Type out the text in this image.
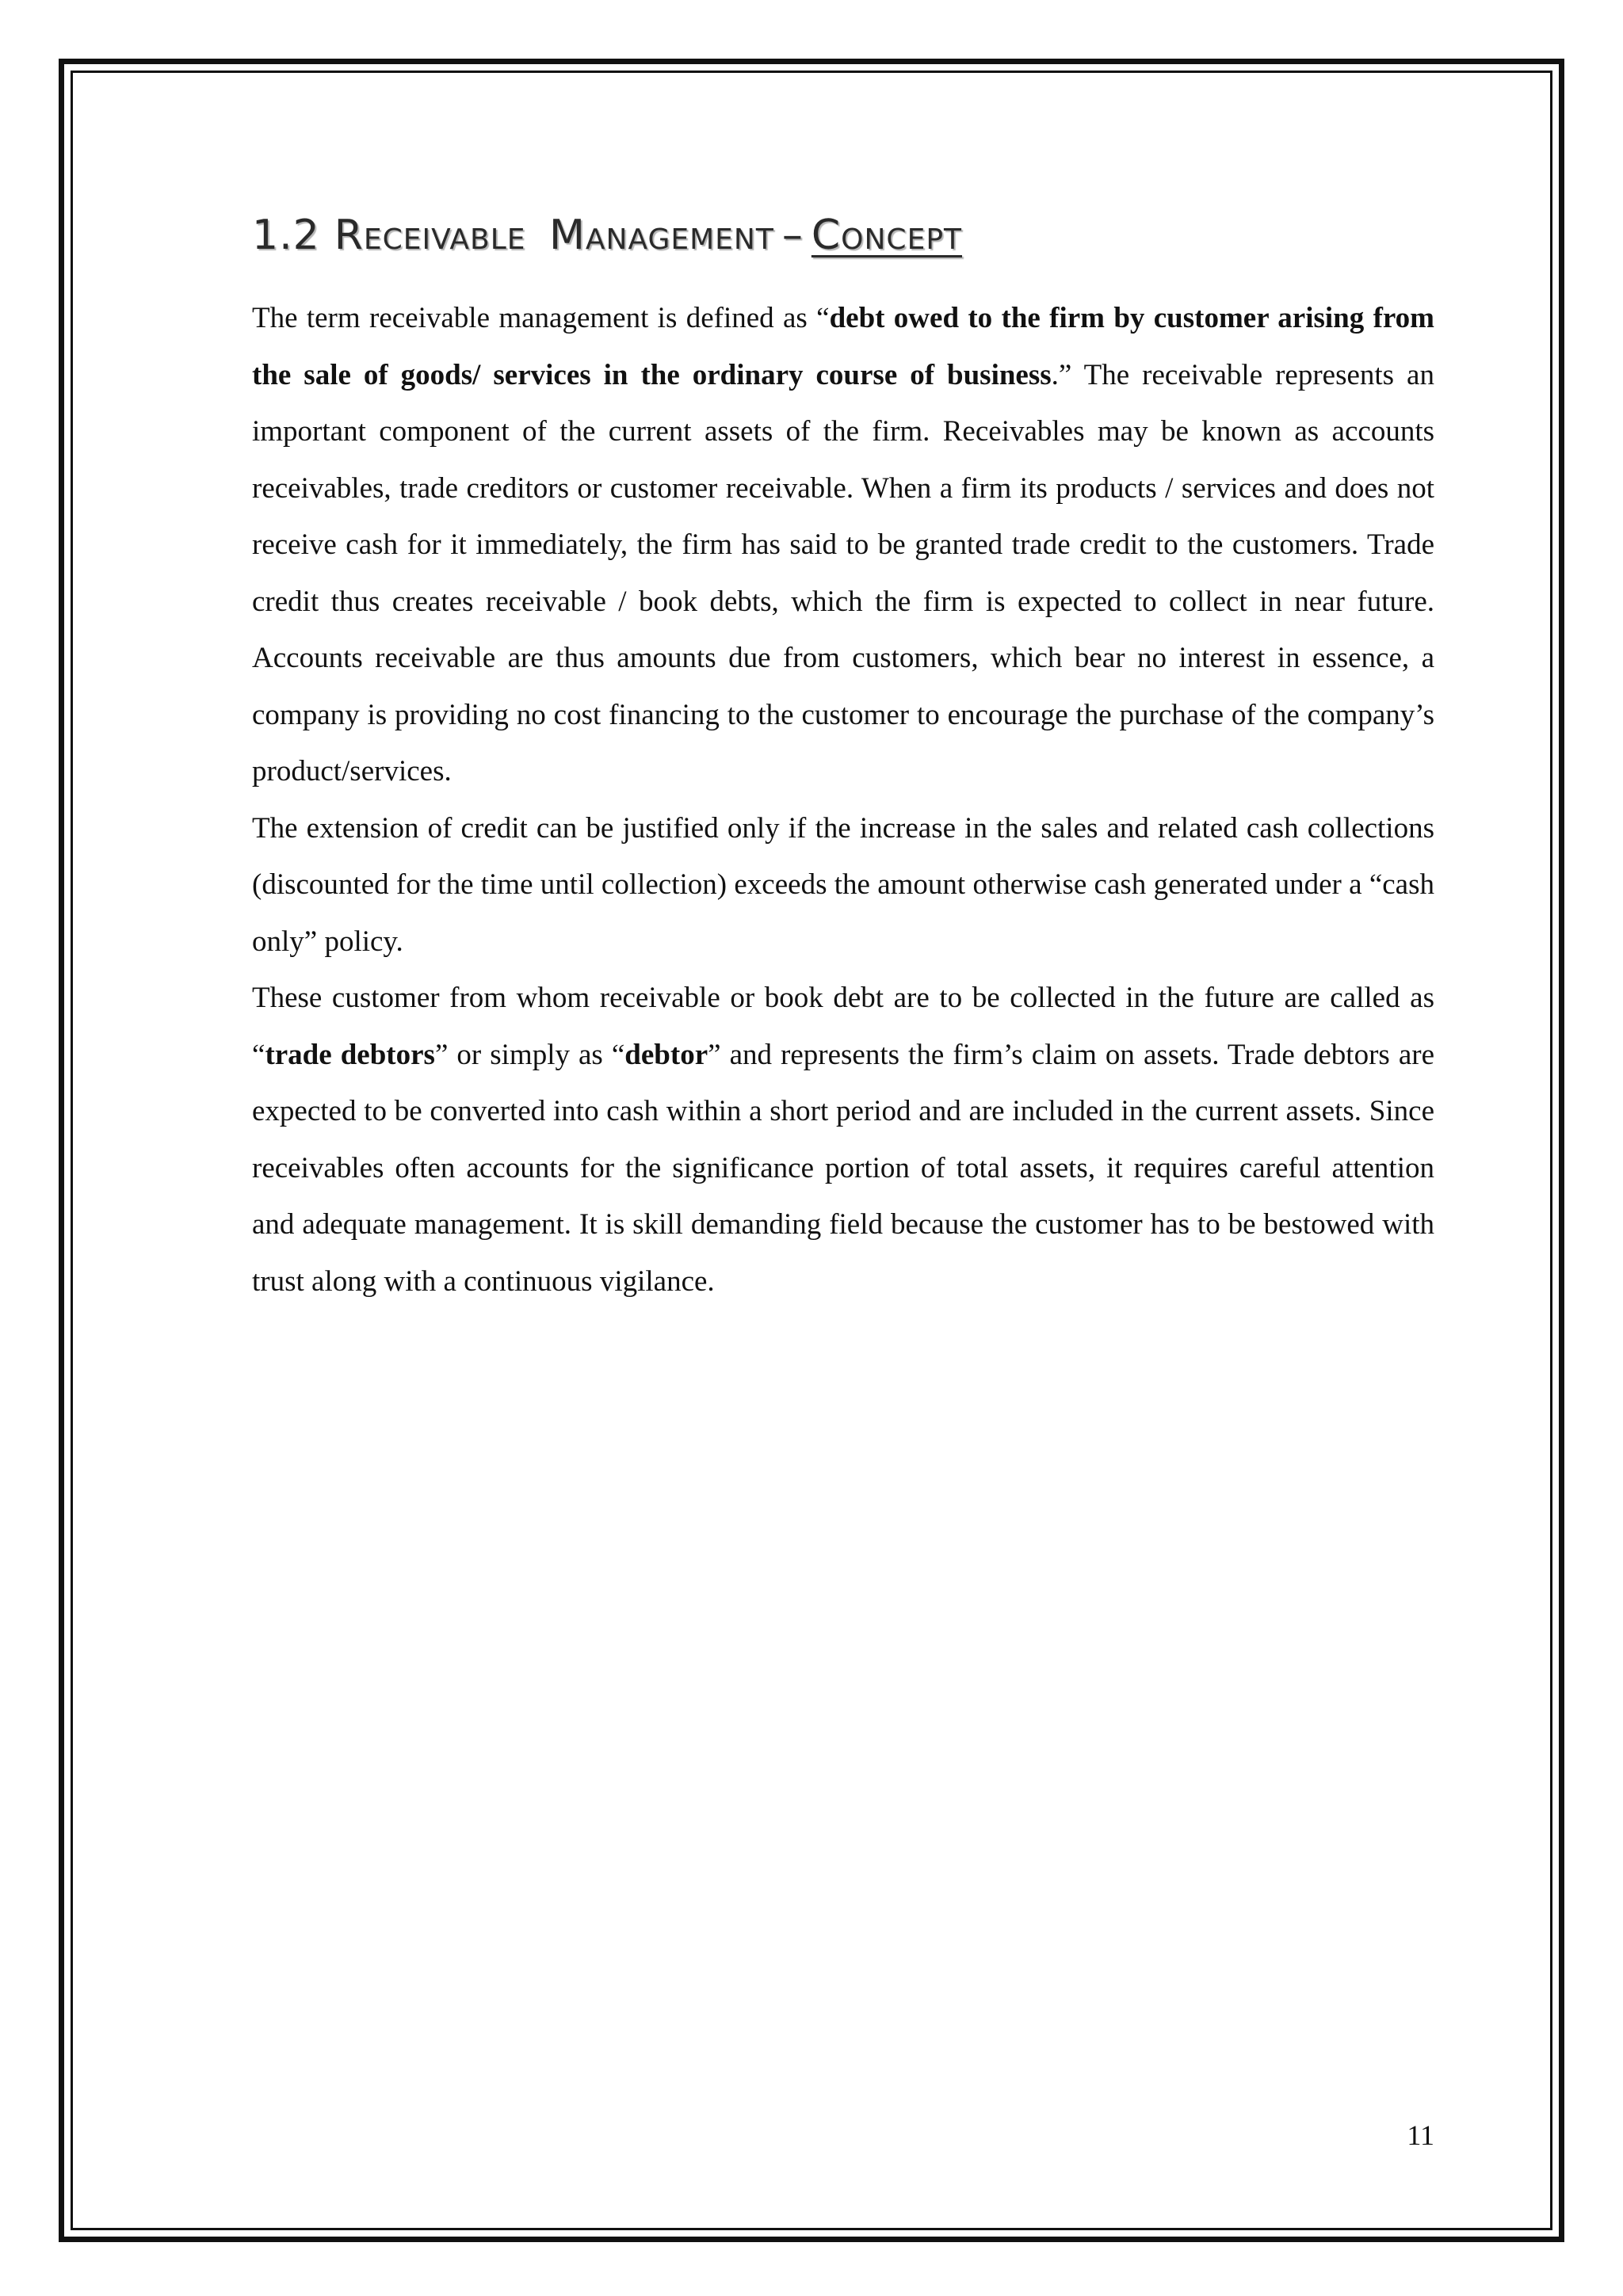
1.2 Receivable Management – Concept

The term receivable management is defined as “debt owed to the firm by customer arising from the sale of goods/ services in the ordinary course of business.” The receivable represents an important component of the current assets of the firm. Receivables may be known as accounts receivables, trade creditors or customer receivable. When a firm its products / services and does not receive cash for it immediately, the firm has said to be granted trade credit to the customers. Trade credit thus creates receivable / book debts, which the firm is expected to collect in near future. Accounts receivable are thus amounts due from customers, which bear no interest in essence, a company is providing no cost financing to the customer to encourage the purchase of the company’s product/services.

The extension of credit can be justified only if the increase in the sales and related cash collections (discounted for the time until collection) exceeds the amount otherwise cash generated under a “cash only” policy.

These customer from whom receivable or book debt are to be collected in the future are called as “trade debtors” or simply as “debtor” and represents the firm’s claim on assets. Trade debtors are expected to be converted into cash within a short period and are included in the current assets. Since receivables often accounts for the significance portion of total assets, it requires careful attention and adequate management. It is skill demanding field because the customer has to be bestowed with trust along with a continuous vigilance.

11
